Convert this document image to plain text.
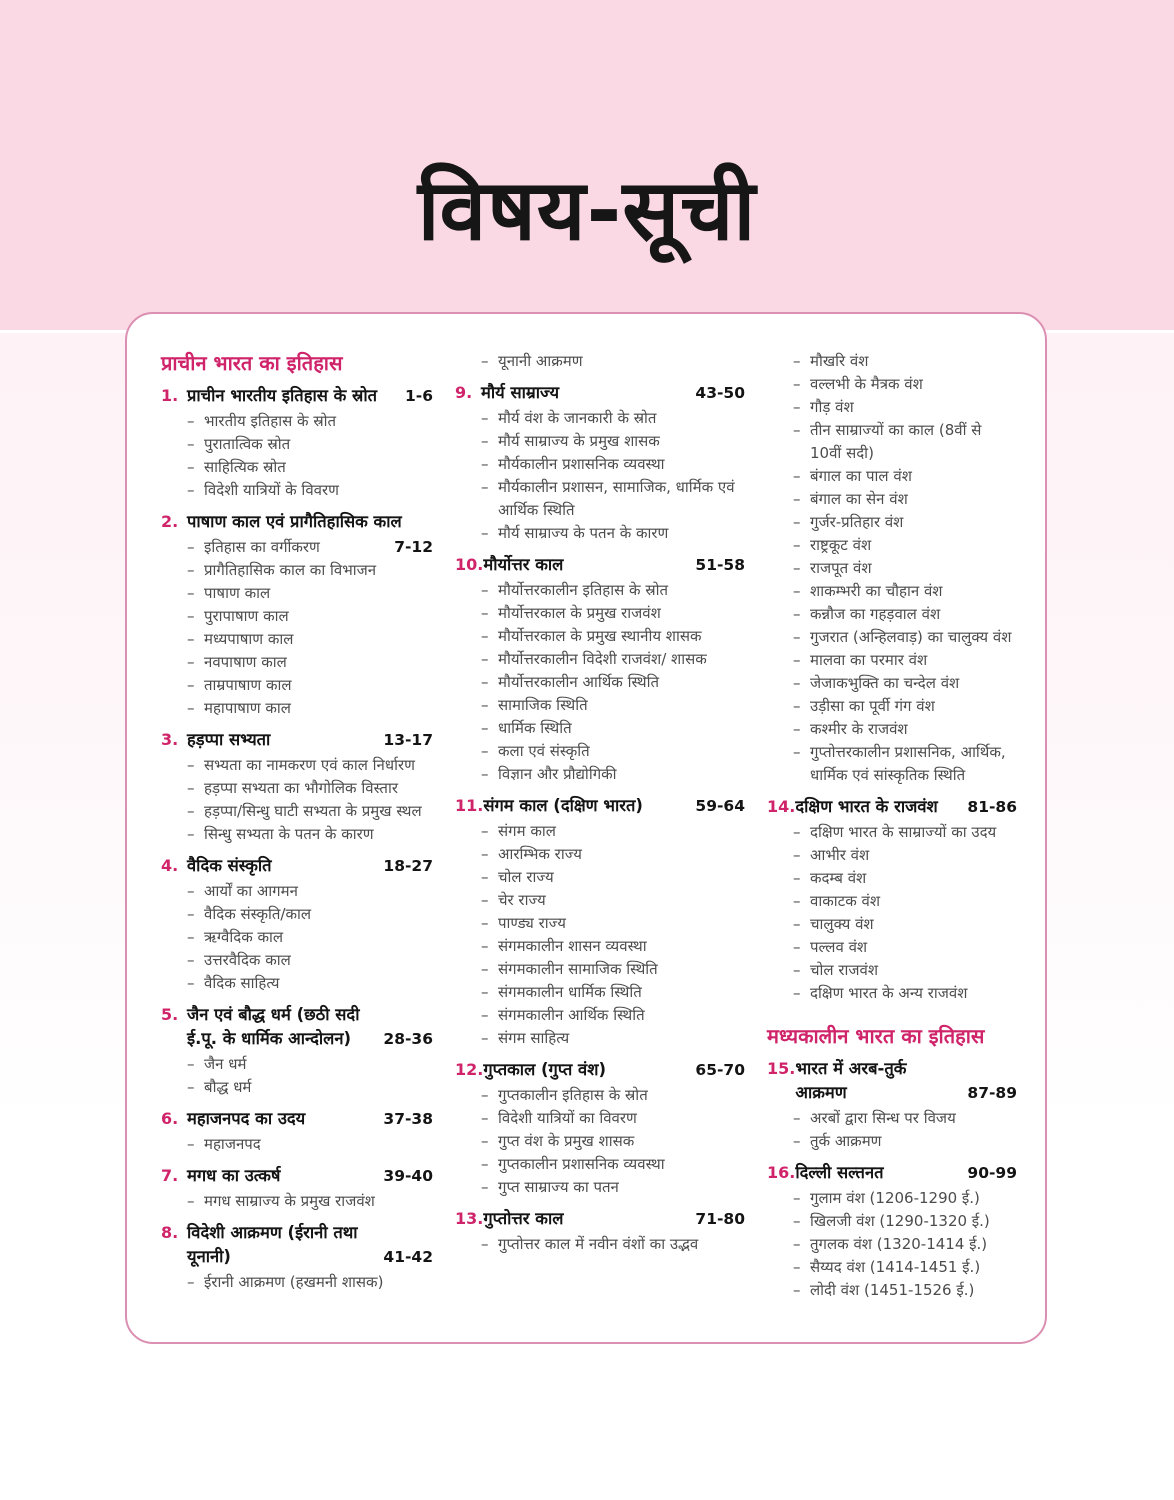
विषय-सूची
प्राचीन भारत का इतिहास
1. प्राचीन भारतीय इतिहास के स्रोत	1-6
– भारतीय इतिहास के स्रोत
– पुरातात्विक स्रोत
– साहित्यिक स्रोत
– विदेशी यात्रियों के विवरण
2. पाषाण काल एवं प्रागैतिहासिक काल
– इतिहास का वर्गीकरण	7-12
– प्रागैतिहासिक काल का विभाजन
– पाषाण काल
– पुरापाषाण काल
– मध्यपाषाण काल
– नवपाषाण काल
– ताम्रपाषाण काल
– महापाषाण काल
3. हड़प्पा सभ्यता	13-17
– सभ्यता का नामकरण एवं काल निर्धारण
– हड़प्पा सभ्यता का भौगोलिक विस्तार
– हड़प्पा/सिन्धु घाटी सभ्यता के प्रमुख स्थल
– सिन्धु सभ्यता के पतन के कारण
4. वैदिक संस्कृति	18-27
– आर्यों का आगमन
– वैदिक संस्कृति/काल
– ऋग्वैदिक काल
– उत्तरवैदिक काल
– वैदिक साहित्य
5. जैन एवं बौद्ध धर्म (छठी सदी ई.पू. के धार्मिक आन्दोलन)	28-36
– जैन धर्म
– बौद्ध धर्म
6. महाजनपद का उदय	37-38
– महाजनपद
7. मगध का उत्कर्ष	39-40
– मगध साम्राज्य के प्रमुख राजवंश
8. विदेशी आक्रमण (ईरानी तथा यूनानी)	41-42
– ईरानी आक्रमण (हखमनी शासक)
– यूनानी आक्रमण
9. मौर्य साम्राज्य	43-50
– मौर्य वंश के जानकारी के स्रोत
– मौर्य साम्राज्य के प्रमुख शासक
– मौर्यकालीन प्रशासनिक व्यवस्था
– मौर्यकालीन प्रशासन, सामाजिक, धार्मिक एवं आर्थिक स्थिति
– मौर्य साम्राज्य के पतन के कारण
10. मौर्योत्तर काल	51-58
– मौर्योत्तरकालीन इतिहास के स्रोत
– मौर्योत्तरकाल के प्रमुख राजवंश
– मौर्योत्तरकाल के प्रमुख स्थानीय शासक
– मौर्योत्तरकालीन विदेशी राजवंश/ शासक
– मौर्योत्तरकालीन आर्थिक स्थिति
– सामाजिक स्थिति
– धार्मिक स्थिति
– कला एवं संस्कृति
– विज्ञान और प्रौद्योगिकी
11. संगम काल (दक्षिण भारत)	59-64
– संगम काल
– आरम्भिक राज्य
– चोल राज्य
– चेर राज्य
– पाण्ड्य राज्य
– संगमकालीन शासन व्यवस्था
– संगमकालीन सामाजिक स्थिति
– संगमकालीन धार्मिक स्थिति
– संगमकालीन आर्थिक स्थिति
– संगम साहित्य
12. गुप्तकाल (गुप्त वंश)	65-70
– गुप्तकालीन इतिहास के स्रोत
– विदेशी यात्रियों का विवरण
– गुप्त वंश के प्रमुख शासक
– गुप्तकालीन प्रशासनिक व्यवस्था
– गुप्त साम्राज्य का पतन
13. गुप्तोत्तर काल	71-80
– गुप्तोत्तर काल में नवीन वंशों का उद्भव
– मौखरि वंश
– वल्लभी के मैत्रक वंश
– गौड़ वंश
– तीन साम्राज्यों का काल (8वीं से 10वीं सदी)
– बंगाल का पाल वंश
– बंगाल का सेन वंश
– गुर्जर-प्रतिहार वंश
– राष्ट्रकूट वंश
– राजपूत वंश
– शाकम्भरी का चौहान वंश
– कन्नौज का गहड़वाल वंश
– गुजरात (अन्हिलवाड़) का चालुक्य वंश
– मालवा का परमार वंश
– जेजाकभुक्ति का चन्देल वंश
– उड़ीसा का पूर्वी गंग वंश
– कश्मीर के राजवंश
– गुप्तोत्तरकालीन प्रशासनिक, आर्थिक, धार्मिक एवं सांस्कृतिक स्थिति
14. दक्षिण भारत के राजवंश	81-86
– दक्षिण भारत के साम्राज्यों का उदय
– आभीर वंश
– कदम्ब वंश
– वाकाटक वंश
– चालुक्य वंश
– पल्लव वंश
– चोल राजवंश
– दक्षिण भारत के अन्य राजवंश
मध्यकालीन भारत का इतिहास
15. भारत में अरब-तुर्क आक्रमण	87-89
– अरबों द्वारा सिन्ध पर विजय
– तुर्क आक्रमण
16. दिल्ली सल्तनत	90-99
– गुलाम वंश (1206-1290 ई.)
– खिलजी वंश (1290-1320 ई.)
– तुगलक वंश (1320-1414 ई.)
– सैय्यद वंश (1414-1451 ई.)
– लोदी वंश (1451-1526 ई.)
